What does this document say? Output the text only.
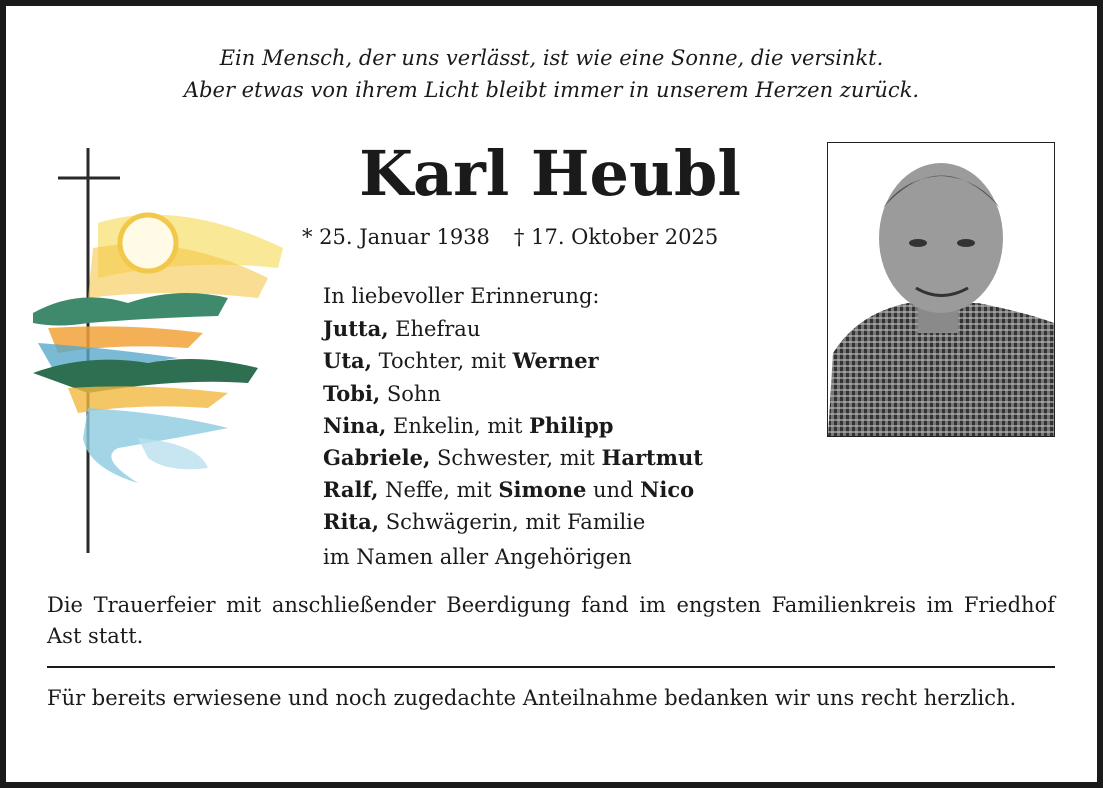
Ein Mensch, der uns verlässt, ist wie eine Sonne, die versinkt.
Aber etwas von ihrem Licht bleibt immer in unserem Herzen zurück.
Karl Heubl
* 25. Januar 1938 † 17. Oktober 2025
In liebevoller Erinnerung:
Jutta, Ehefrau
Uta, Tochter, mit Werner
Tobi, Sohn
Nina, Enkelin, mit Philipp
Gabriele, Schwester, mit Hartmut
Ralf, Neffe, mit Simone und Nico
Rita, Schwägerin, mit Familie
im Namen aller Angehörigen
Die Trauerfeier mit anschließender Beerdigung fand im engsten Familienkreis im Friedhof Ast statt.
Für bereits erwiesene und noch zugedachte Anteilnahme bedanken wir uns recht herzlich.
